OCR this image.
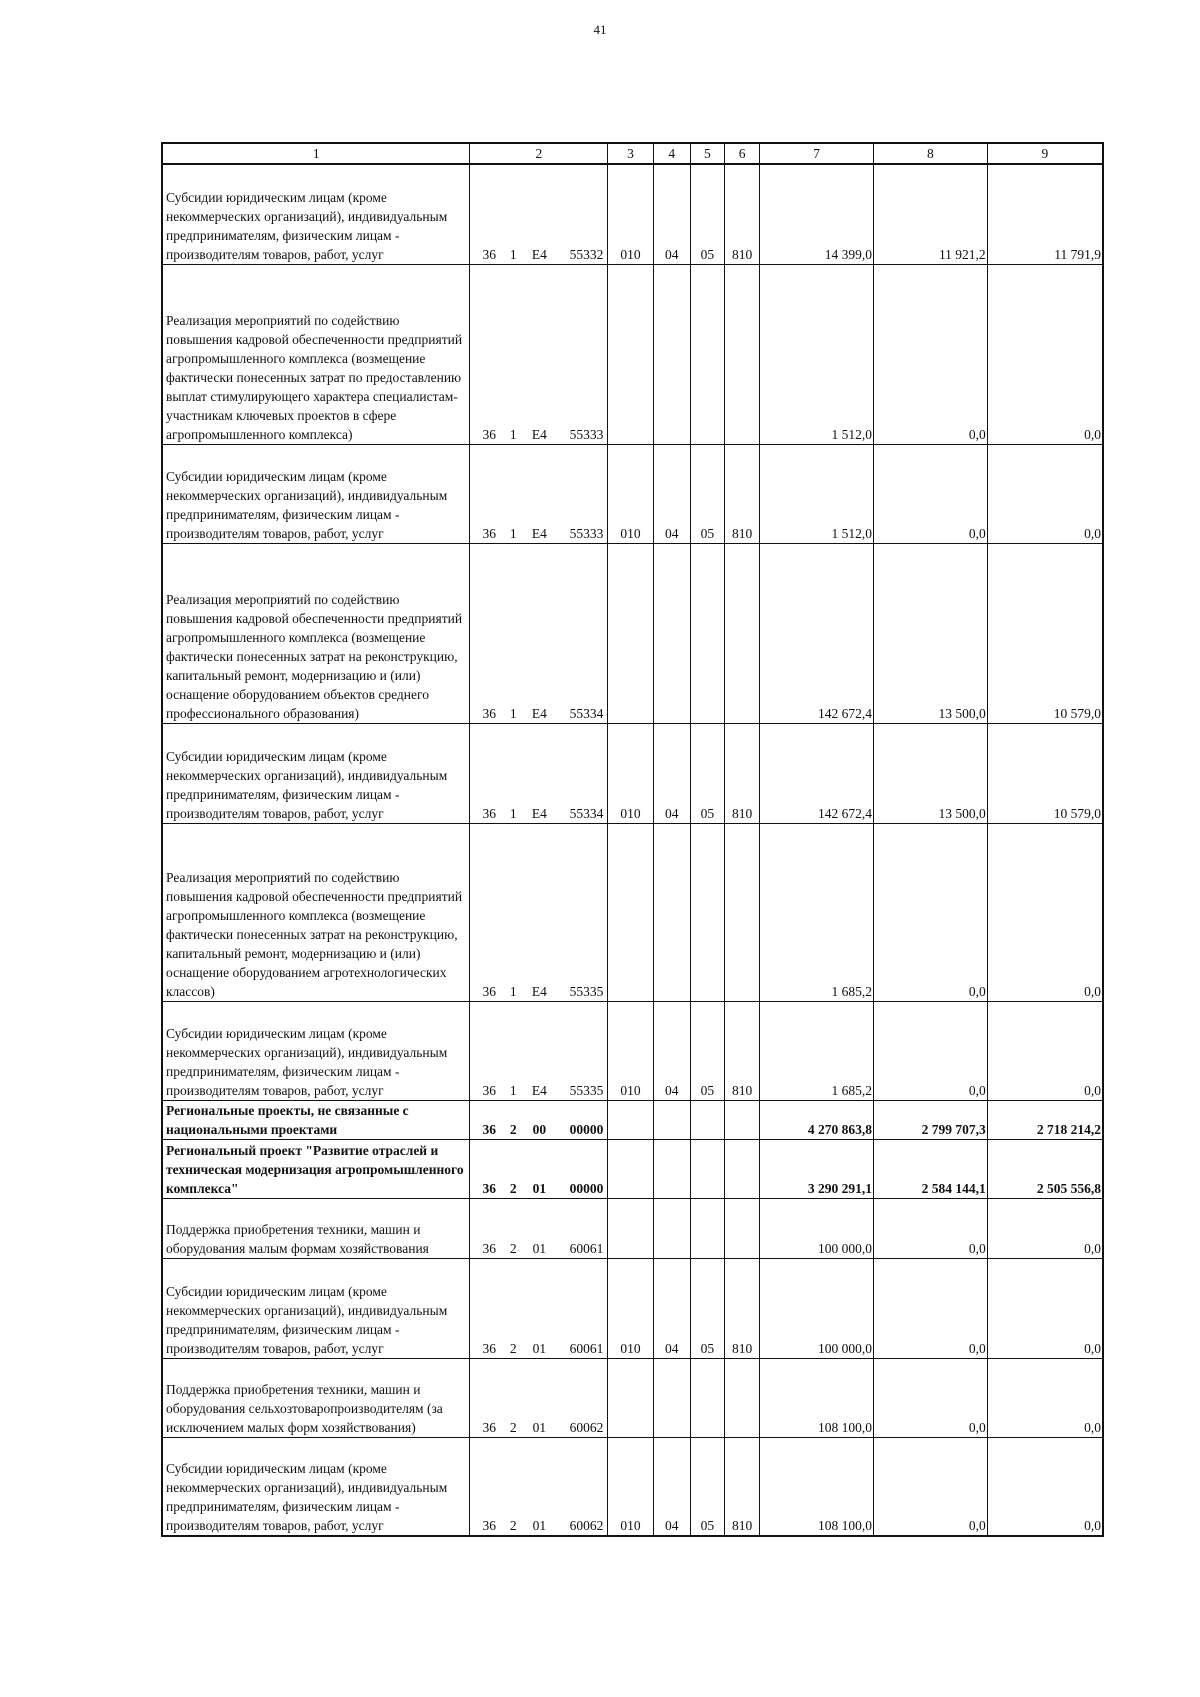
41
1	2				3	4	5	6	7	8	9
Субсидии юридическим лицам (кроме некоммерческих организаций), индивидуальным предпринимателям, физическим лицам - производителям товаров, работ, услуг	36	1	E4	55332	010	04	05	810	14 399,0	11 921,2	11 791,9
Реализация мероприятий по содействию повышения кадровой обеспеченности предприятий агропромышленного комплекса (возмещение фактически понесенных затрат по предоставлению выплат стимулирующего характера специалистам-участникам ключевых проектов в сфере агропромышленного комплекса)	36	1	E4	55333					1 512,0	0,0	0,0
Субсидии юридическим лицам (кроме некоммерческих организаций), индивидуальным предпринимателям, физическим лицам - производителям товаров, работ, услуг	36	1	E4	55333	010	04	05	810	1 512,0	0,0	0,0
Реализация мероприятий по содействию повышения кадровой обеспеченности предприятий агропромышленного комплекса (возмещение фактически понесенных затрат на реконструкцию, капитальный ремонт, модернизацию и (или) оснащение оборудованием объектов среднего профессионального образования)	36	1	E4	55334					142 672,4	13 500,0	10 579,0
Субсидии юридическим лицам (кроме некоммерческих организаций), индивидуальным предпринимателям, физическим лицам - производителям товаров, работ, услуг	36	1	E4	55334	010	04	05	810	142 672,4	13 500,0	10 579,0
Реализация мероприятий по содействию повышения кадровой обеспеченности предприятий агропромышленного комплекса (возмещение фактически понесенных затрат на реконструкцию, капитальный ремонт, модернизацию и (или) оснащение оборудованием агротехнологических классов)	36	1	E4	55335					1 685,2	0,0	0,0
Субсидии юридическим лицам (кроме некоммерческих организаций), индивидуальным предпринимателям, физическим лицам - производителям товаров, работ, услуг	36	1	E4	55335	010	04	05	810	1 685,2	0,0	0,0
Региональные проекты, не связанные с национальными проектами	36	2	00	00000					4 270 863,8	2 799 707,3	2 718 214,2
Региональный проект "Развитие отраслей и техническая модернизация агропромышленного комплекса"	36	2	01	00000					3 290 291,1	2 584 144,1	2 505 556,8
Поддержка приобретения техники, машин и оборудования малым формам хозяйствования	36	2	01	60061					100 000,0	0,0	0,0
Субсидии юридическим лицам (кроме некоммерческих организаций), индивидуальным предпринимателям, физическим лицам - производителям товаров, работ, услуг	36	2	01	60061	010	04	05	810	100 000,0	0,0	0,0
Поддержка приобретения техники, машин и оборудования сельхозтоваропроизводителям (за исключением малых форм хозяйствования)	36	2	01	60062					108 100,0	0,0	0,0
Субсидии юридическим лицам (кроме некоммерческих организаций), индивидуальным предпринимателям, физическим лицам - производителям товаров, работ, услуг	36	2	01	60062	010	04	05	810	108 100,0	0,0	0,0
